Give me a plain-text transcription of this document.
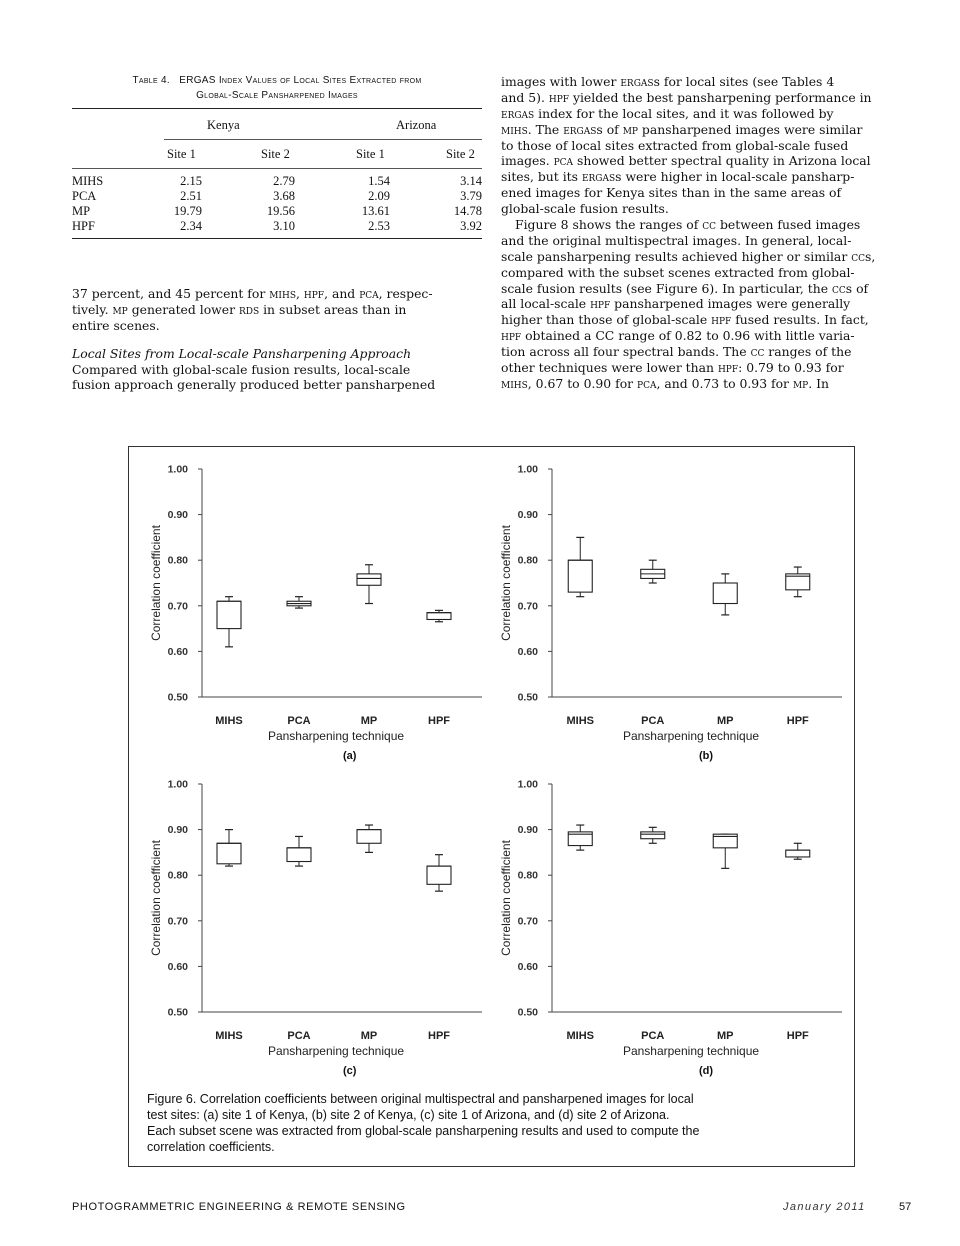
Table 4. ERGAS Index Values of Local Sites Extracted from
Global-Scale Pansharpened Images
Kenya	Arizona
Site 1	Site 2	Site 1	Site 2
MIHS	2.15	2.79	1.54	3.14
PCA	2.51	3.68	2.09	3.79
MP	19.79	19.56	13.61	14.78
HPF	2.34	3.10	2.53	3.92
37 percent, and 45 percent for mihs, hpf, and pca, respec-
tively. mp generated lower rds in subset areas than in
entire scenes.
Local Sites from Local-scale Pansharpening Approach
Compared with global-scale fusion results, local-scale
fusion approach generally produced better pansharpened
images with lower ergass for local sites (see Tables 4
and 5). hpf yielded the best pansharpening performance in
ergas index for the local sites, and it was followed by
mihs. The ergass of mp pansharpened images were similar
to those of local sites extracted from global-scale fused
images. pca showed better spectral quality in Arizona local
sites, but its ergass were higher in local-scale pansharp-
ened images for Kenya sites than in the same areas of
global-scale fusion results.
Figure 8 shows the ranges of cc between fused images
and the original multispectral images. In general, local-
scale pansharpening results achieved higher or similar ccs,
compared with the subset scenes extracted from global-
scale fusion results (see Figure 6). In particular, the ccs of
all local-scale hpf pansharpened images were generally
higher than those of global-scale hpf fused results. In fact,
hpf obtained a CC range of 0.82 to 0.96 with little varia-
tion across all four spectral bands. The cc ranges of the
other techniques were lower than hpf: 0.79 to 0.93 for
mihs, 0.67 to 0.90 for pca, and 0.73 to 0.93 for mp. In
0.50
0.60
0.70
0.80
0.90
1.00
Correlation coefficient
MIHS	PCA	MP	HPF
Pansharpening technique
(a)
0.50
0.60
0.70
0.80
0.90
1.00
Correlation coefficient
MIHS	PCA	MP	HPF
Pansharpening technique
(b)
0.50
0.60
0.70
0.80
0.90
1.00
Correlation coefficient
MIHS	PCA	MP	HPF
Pansharpening technique
(c)
0.50
0.60
0.70
0.80
0.90
1.00
Correlation coefficient
MIHS	PCA	MP	HPF
Pansharpening technique
(d)
Figure 6. Correlation coefficients between original multispectral and pansharpened images for local
test sites: (a) site 1 of Kenya, (b) site 2 of Kenya, (c) site 1 of Arizona, and (d) site 2 of Arizona.
Each subset scene was extracted from global-scale pansharpening results and used to compute the
correlation coefficients.
PHOTOGRAMMETRIC ENGINEERING & REMOTE SENSING	January 2011	57
